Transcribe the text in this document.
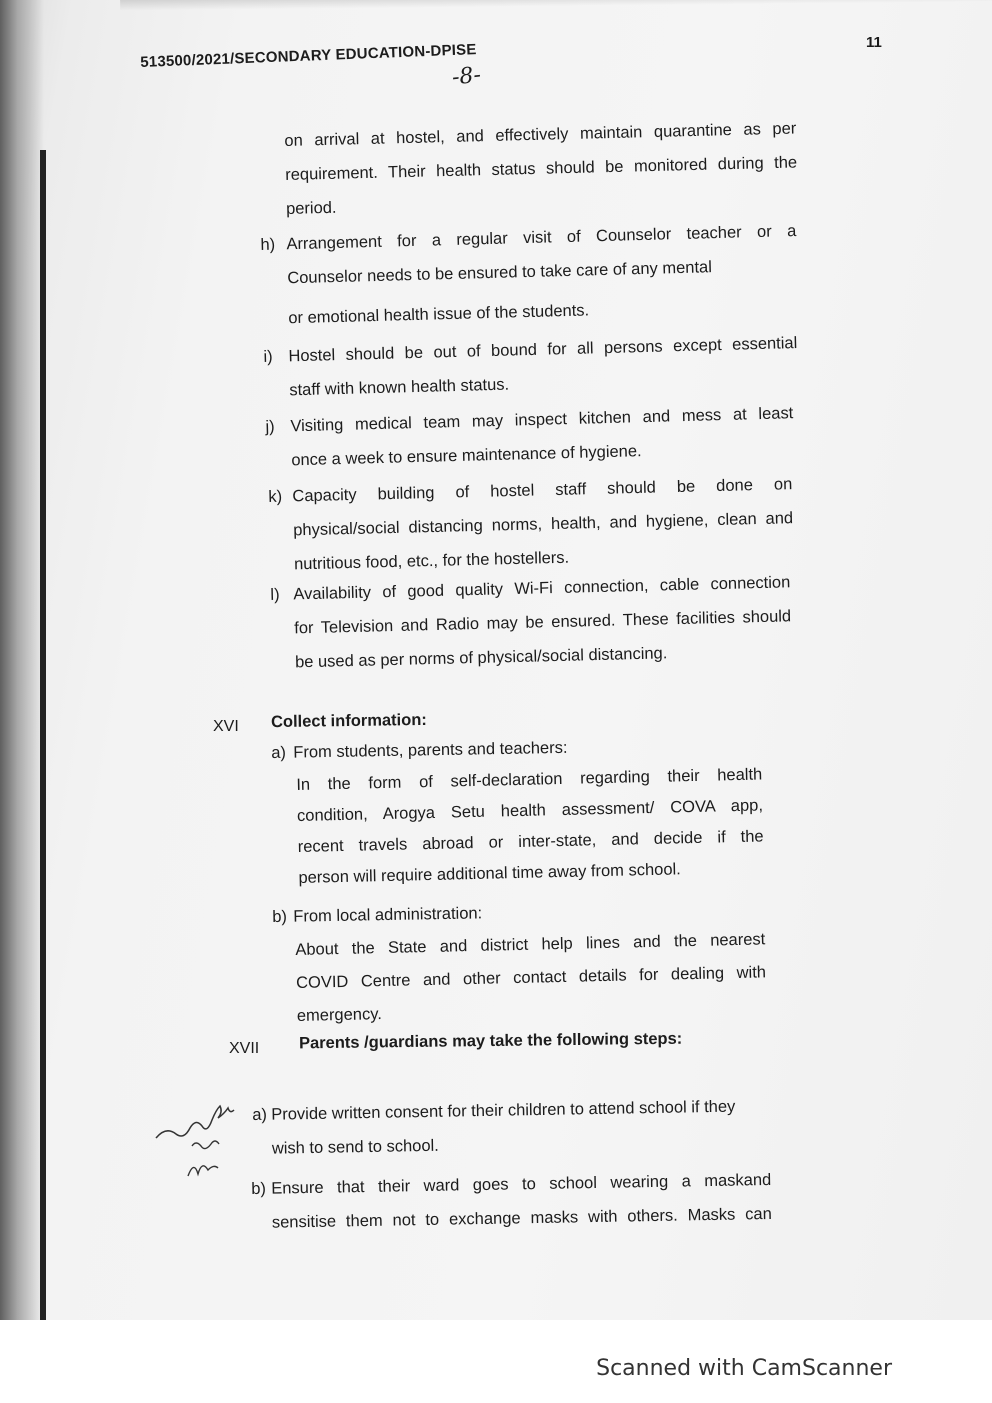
513500/2021/SECONDARY EDUCATION-DPISE
-8-
11
on arrival at hostel, and effectively maintain quarantine as per
requirement. Their health status should be monitored during the
period.
h) Arrangement for a regular visit of Counselor teacher or a
Counselor needs to be ensured to take care of any mental
or emotional health issue of the students.
i) Hostel should be out of bound for all persons except essential
staff with known health status.
j) Visiting medical team may inspect kitchen and mess at least
once a week to ensure maintenance of hygiene.
k) Capacity building of hostel staff should be done on
physical/social distancing norms, health, and hygiene, clean and
nutritious food, etc., for the hostellers.
l) Availability of good quality Wi-Fi connection, cable connection
for Television and Radio may be ensured. These facilities should
be used as per norms of physical/social distancing.
XVI Collect information:
a) From students, parents and teachers:
In the form of self-declaration regarding their health
condition, Arogya Setu health assessment/ COVA app,
recent travels abroad or inter-state, and decide if the
person will require additional time away from school.
b) From local administration:
About the State and district help lines and the nearest
COVID Centre and other contact details for dealing with
emergency.
XVII Parents /guardians may take the following steps:
a) Provide written consent for their children to attend school if they
wish to send to school.
b) Ensure that their ward goes to school wearing a maskand
sensitise them not to exchange masks with others. Masks can
Scanned with CamScanner
